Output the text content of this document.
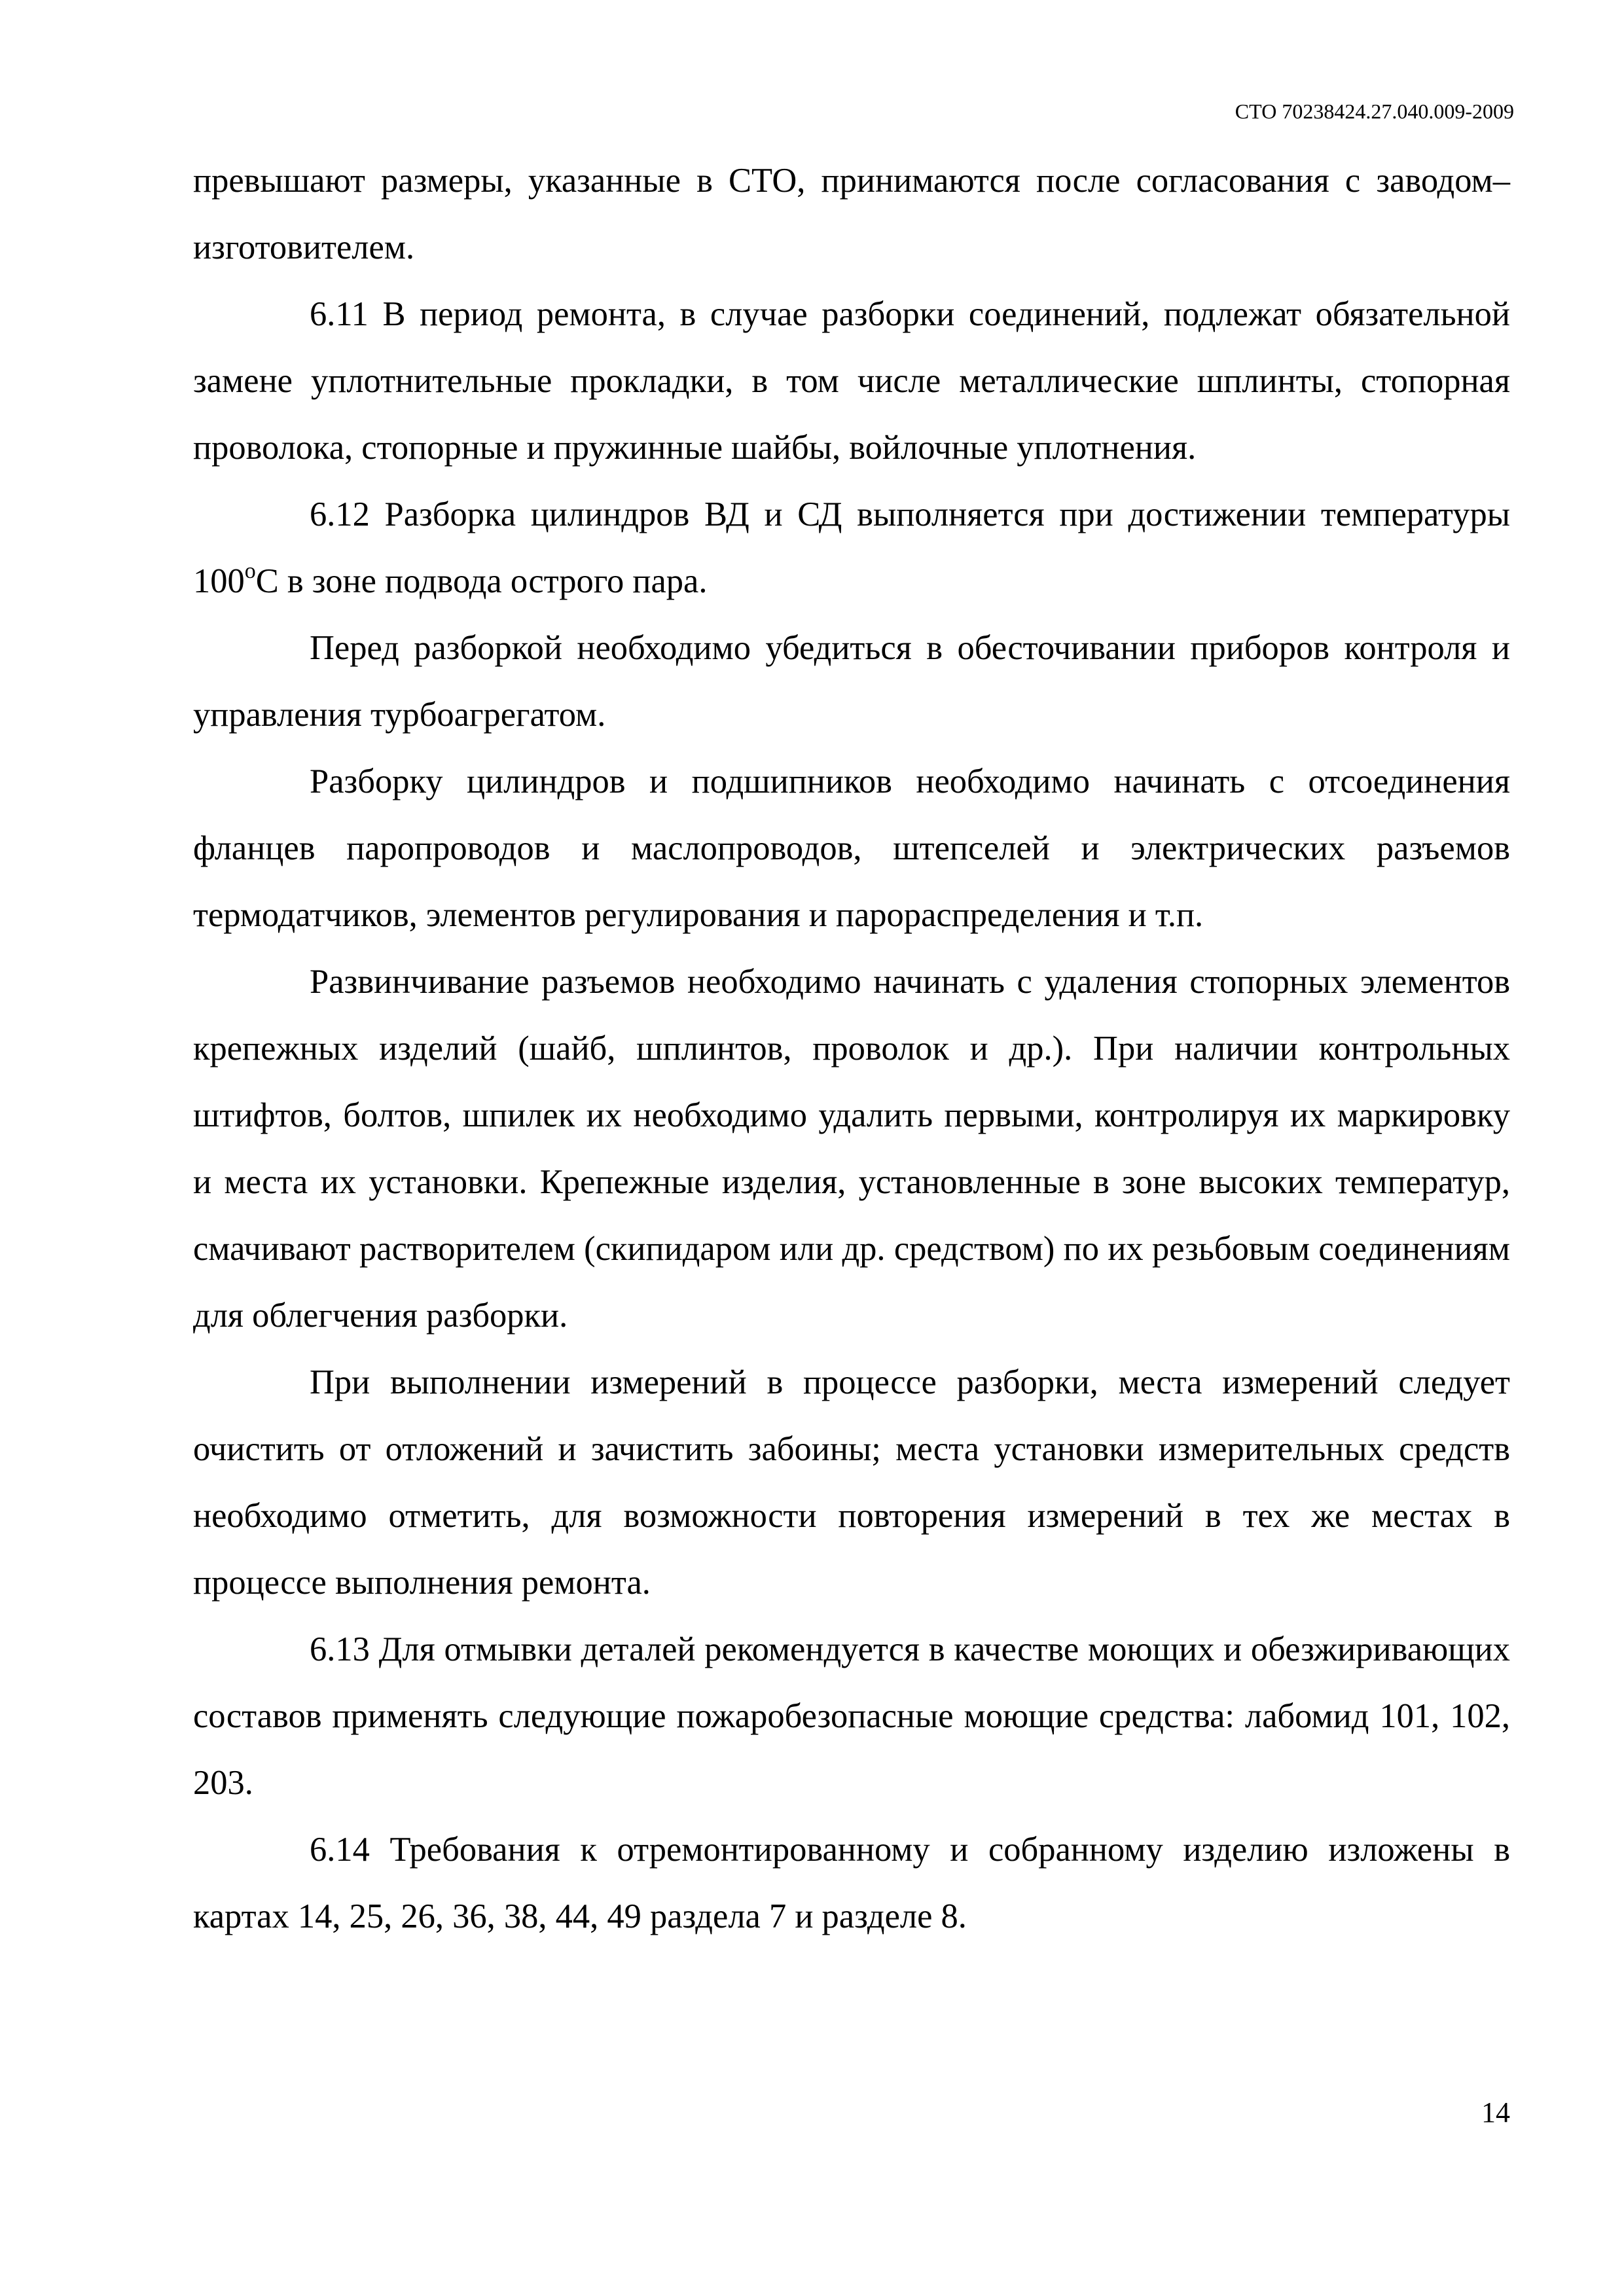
СТО 70238424.27.040.009-2009

превышают размеры, указанные в СТО, принимаются после согласования с заводом–изготовителем.

6.11 В период ремонта, в случае разборки соединений, подлежат обязательной замене уплотнительные прокладки, в том числе металлические шплинты, стопорная проволока, стопорные и пружинные шайбы, войлочные уплотнения.

6.12 Разборка цилиндров ВД и СД выполняется при достижении температуры $100^оС$ в зоне подвода острого пара.

Перед разборкой необходимо убедиться в обесточивании приборов контроля и управления турбоагрегатом.

Разборку цилиндров и подшипников необходимо начинать с отсоединения фланцев паропроводов и маслопроводов, штепселей и электрических разъемов термодатчиков, элементов регулирования и парораспределения и т.п.

Развинчивание разъемов необходимо начинать с удаления стопорных элементов крепежных изделий (шайб, шплинтов, проволок и др.). При наличии контрольных штифтов, болтов, шпилек их необходимо удалить первыми, контролируя их маркировку и места их установки. Крепежные изделия, установленные в зоне высоких температур, смачивают растворителем (скипидаром или др. средством) по их резьбовым соединениям для облегчения разборки.

При выполнении измерений в процессе разборки, места измерений следует очистить от отложений и зачистить забоины; места установки измерительных средств необходимо отметить, для возможности повторения измерений в тех же местах в процессе выполнения ремонта.

6.13 Для отмывки деталей рекомендуется в качестве моющих и обезжиривающих составов применять следующие пожаробезопасные моющие средства: лабомид 101, 102, 203.

6.14 Требования к отремонтированному и собранному изделию изложены в картах 14, 25, 26, 36, 38, 44, 49 раздела 7 и разделе 8.

14
